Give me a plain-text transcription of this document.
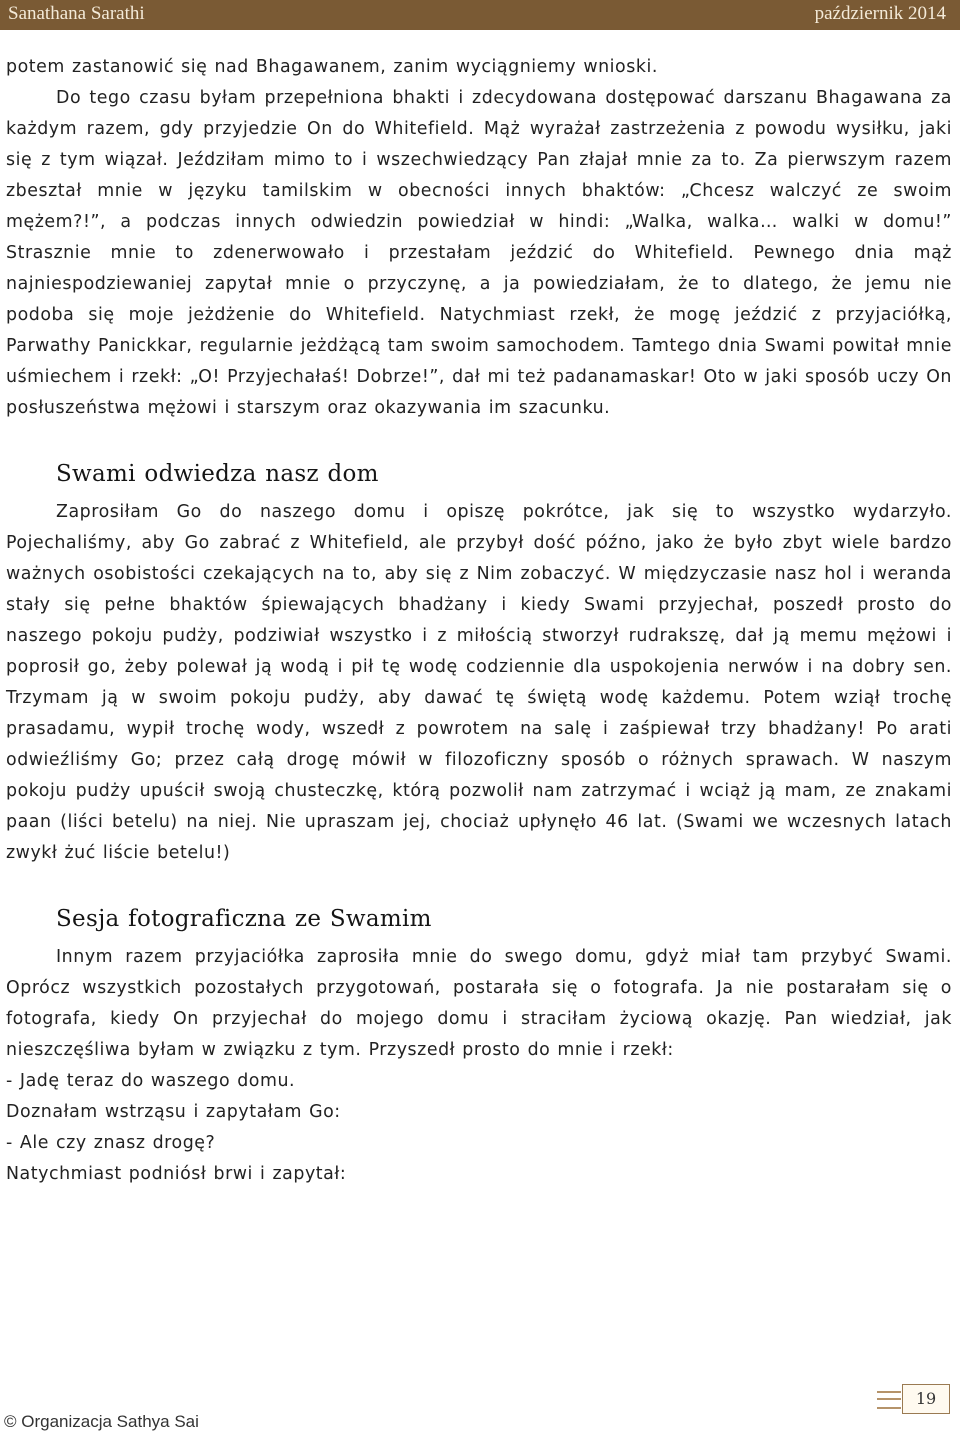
Sanathana Sarathi	październik 2014

potem zastanowić się nad Bhagawanem, zanim wyciągniemy wnioski.

Do tego czasu byłam przepełniona bhakti i zdecydowana dostępować darszanu Bhagawana za każdym razem, gdy przyjedzie On do Whitefield. Mąż wyrażał zastrzeżenia z powodu wysiłku, jaki się z tym wiązał. Jeździłam mimo to i wszechwiedzący Pan złajał mnie za to. Za pierwszym razem zbeształ mnie w języku tamilskim w obecności innych bhaktów: „Chcesz walczyć ze swoim mężem?!”, a podczas innych odwiedzin powiedział w hindi: „Walka, walka… walki w domu!” Strasznie mnie to zdenerwowało i przestałam jeździć do Whitefield. Pewnego dnia mąż najniespodziewaniej zapytał mnie o przyczynę, a ja powiedziałam, że to dlatego, że jemu nie podoba się moje jeżdżenie do Whitefield. Natychmiast rzekł, że mogę jeździć z przyjaciółką, Parwathy Panickkar, regularnie jeżdżącą tam swoim samochodem. Tamtego dnia Swami powitał mnie uśmiechem i rzekł: „O! Przyjechałaś! Dobrze!”, dał mi też padanamaskar! Oto w jaki sposób uczy On posłuszeństwa mężowi i starszym oraz okazywania im szacunku.

Swami odwiedza nasz dom

Zaprosiłam Go do naszego domu i opiszę pokrótce, jak się to wszystko wydarzyło. Pojechaliśmy, aby Go zabrać z Whitefield, ale przybył dość późno, jako że było zbyt wiele bardzo ważnych osobistości czekających na to, aby się z Nim zobaczyć. W międzyczasie nasz hol i weranda stały się pełne bhaktów śpiewających bhadżany i kiedy Swami przyjechał, poszedł prosto do naszego pokoju pudży, podziwiał wszystko i z miłością stworzył rudrakszę, dał ją memu mężowi i poprosił go, żeby polewał ją wodą i pił tę wodę codziennie dla uspokojenia nerwów i na dobry sen. Trzymam ją w swoim pokoju pudży, aby dawać tę świętą wodę każdemu. Potem wziął trochę prasadamu, wypił trochę wody, wszedł z powrotem na salę i zaśpiewał trzy bhadżany! Po arati odwieźliśmy Go; przez całą drogę mówił w filozoficzny sposób o różnych sprawach. W naszym pokoju pudży upuścił swoją chusteczkę, którą pozwolił nam zatrzymać i wciąż ją mam, ze znakami paan (liści betelu) na niej. Nie upraszam jej, chociaż upłynęło 46 lat. (Swami we wczesnych latach zwykł żuć liście betelu!)

Sesja fotograficzna ze Swamim

Innym razem przyjaciółka zaprosiła mnie do swego domu, gdyż miał tam przybyć Swami. Oprócz wszystkich pozostałych przygotowań, postarała się o fotografa. Ja nie postarałam się o fotografa, kiedy On przyjechał do mojego domu i straciłam życiową okazję. Pan wiedział, jak nieszczęśliwa byłam w związku z tym. Przyszedł prosto do mnie i rzekł:

- Jadę teraz do waszego domu.

Doznałam wstrząsu i zapytałam Go:

- Ale czy znasz drogę?

Natychmiast podniósł brwi i zapytał:

© Organizacja Sathya Sai
19
